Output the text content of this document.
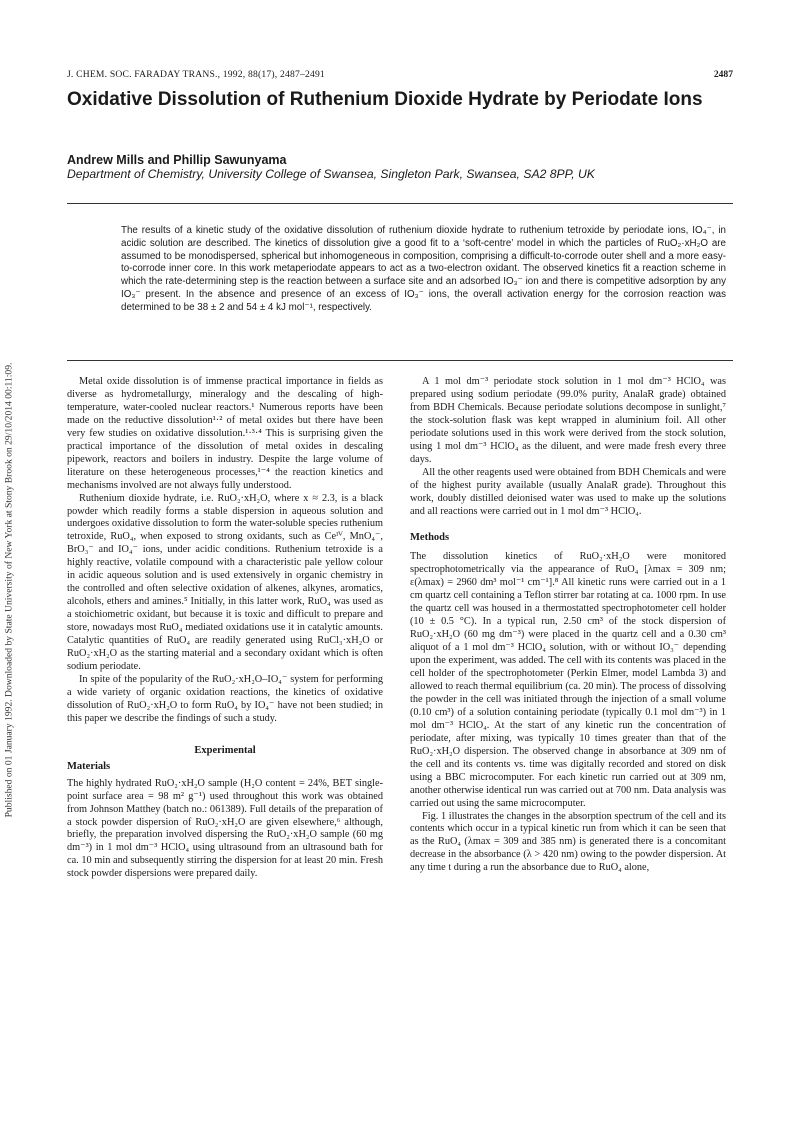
Published on 01 January 1992. Downloaded by State University of New York at Stony Brook on 29/10/2014 00:11:09.
J. CHEM. SOC. FARADAY TRANS., 1992, 88(17), 2487–2491	2487
Oxidative Dissolution of Ruthenium Dioxide Hydrate by Periodate Ions
Andrew Mills and Phillip Sawunyama
Department of Chemistry, University College of Swansea, Singleton Park, Swansea, SA2 8PP, UK

The results of a kinetic study of the oxidative dissolution of ruthenium dioxide hydrate to ruthenium tetroxide by periodate ions, IO₄⁻, in acidic solution are described. The kinetics of dissolution give a good fit to a ‘soft-centre’ model in which the particles of RuO₂·xH₂O are assumed to be monodispersed, spherical but inhomogeneous in composition, comprising a difficult-to-corrode outer shell and a more easy-to-corrode inner core. In this work metaperiodate appears to act as a two-electron oxidant. The observed kinetics fit a reaction scheme in which the rate-determining step is the reaction between a surface site and an adsorbed IO₃⁻ ion and there is competitive adsorption by any IO₃⁻ present. In the absence and presence of an excess of IO₃⁻ ions, the overall activation energy for the corrosion reaction was determined to be 38 ± 2 and 54 ± 4 kJ mol⁻¹, respectively.

Metal oxide dissolution is of immense practical importance in fields as diverse as hydrometallurgy, mineralogy and the descaling of high-temperature, water-cooled nuclear reactors.¹ Numerous reports have been made on the reductive dissolution¹·² of metal oxides but there have been very few studies on oxidative dissolution.¹·³·⁴ This is surprising given the practical importance of the dissolution of metal oxides in descaling pipework, reactors and boilers in industry. Despite the large volume of literature on these heterogeneous processes,¹⁻⁴ the reaction kinetics and mechanisms involved are not always fully understood.

Ruthenium dioxide hydrate, i.e. RuO₂·xH₂O, where x ≈ 2.3, is a black powder which readily forms a stable dispersion in aqueous solution and undergoes oxidative dissolution to form the water-soluble species ruthenium tetroxide, RuO₄, when exposed to strong oxidants, such as Ceᴵⱽ, MnO₄⁻, BrO₃⁻ and IO₄⁻ ions, under acidic conditions. Ruthenium tetroxide is a highly reactive, volatile compound with a characteristic pale yellow colour in acidic aqueous solution and is used extensively in organic chemistry in the controlled and often selective oxidation of alkenes, alkynes, aromatics, alcohols, ethers and amines.⁵ Initially, in this latter work, RuO₄ was used as a stoichiometric oxidant, but because it is toxic and difficult to prepare and store, nowadays most RuO₄ mediated oxidations use it in catalytic amounts. Catalytic quantities of RuO₄ are readily generated using RuCl₃·xH₂O or RuO₂·xH₂O as the starting material and a secondary oxidant which is often sodium periodate.

In spite of the popularity of the RuO₂·xH₂O–IO₄⁻ system for performing a wide variety of organic oxidation reactions, the kinetics of oxidative dissolution of RuO₂·xH₂O to form RuO₄ by IO₄⁻ have not been studied; in this paper we describe the findings of such a study.

Experimental
Materials

The highly hydrated RuO₂·xH₂O sample (H₂O content = 24%, BET single-point surface area = 98 m² g⁻¹) used throughout this work was obtained from Johnson Matthey (batch no.: 061389). Full details of the preparation of a stock powder dispersion of RuO₂·xH₂O are given elsewhere,⁶ although, briefly, the preparation involved dispersing the RuO₂·xH₂O sample (60 mg dm⁻³) in 1 mol dm⁻³ HClO₄ using ultrasound from an ultrasound bath for ca. 10 min and subsequently stirring the dispersion for at least 20 min. Fresh stock powder dispersions were prepared daily.

A 1 mol dm⁻³ periodate stock solution in 1 mol dm⁻³ HClO₄ was prepared using sodium periodate (99.0% purity, AnalaR grade) obtained from BDH Chemicals. Because periodate solutions decompose in sunlight,⁷ the stock-solution flask was kept wrapped in aluminium foil. All other periodate solutions used in this work were derived from the stock solution, using 1 mol dm⁻³ HClO₄ as the diluent, and were made fresh every three days.

All the other reagents used were obtained from BDH Chemicals and were of the highest purity available (usually AnalaR grade). Throughout this work, doubly distilled deionised water was used to make up the solutions and all reactions were carried out in 1 mol dm⁻³ HClO₄.

Methods

The dissolution kinetics of RuO₂·xH₂O were monitored spectrophotometrically via the appearance of RuO₄ [λmax = 309 nm; ε(λmax) = 2960 dm³ mol⁻¹ cm⁻¹].⁸ All kinetic runs were carried out in a 1 cm quartz cell containing a Teflon stirrer bar rotating at ca. 1000 rpm. In use the quartz cell was housed in a thermostatted spectrophotometer cell holder (10 ± 0.5 °C). In a typical run, 2.50 cm³ of the stock dispersion of RuO₂·xH₂O (60 mg dm⁻³) were placed in the quartz cell and a 0.30 cm³ aliquot of a 1 mol dm⁻³ HClO₄ solution, with or without IO₃⁻ depending upon the experiment, was added. The cell with its contents was placed in the cell holder of the spectrophotometer (Perkin Elmer, model Lambda 3) and allowed to reach thermal equilibrium (ca. 20 min). The process of dissolving the powder in the cell was initiated through the injection of a small volume (0.10 cm³) of a solution containing periodate (typically 0.1 mol dm⁻³) in 1 mol dm⁻³ HClO₄. At the start of any kinetic run the concentration of periodate, after mixing, was typically 10 times greater than that of the RuO₂·xH₂O dispersion. The observed change in absorbance at 309 nm of the cell and its contents vs. time was digitally recorded and stored on disk using a BBC microcomputer. For each kinetic run carried out at 309 nm, another otherwise identical run was carried out at 700 nm. Data analysis was carried out using the same microcomputer.

Fig. 1 illustrates the changes in the absorption spectrum of the cell and its contents which occur in a typical kinetic run from which it can be seen that as the RuO₄ (λmax = 309 and 385 nm) is generated there is a concomitant decrease in the absorbance (λ > 420 nm) owing to the powder dispersion. At any time t during a run the absorbance due to RuO₄ alone,
